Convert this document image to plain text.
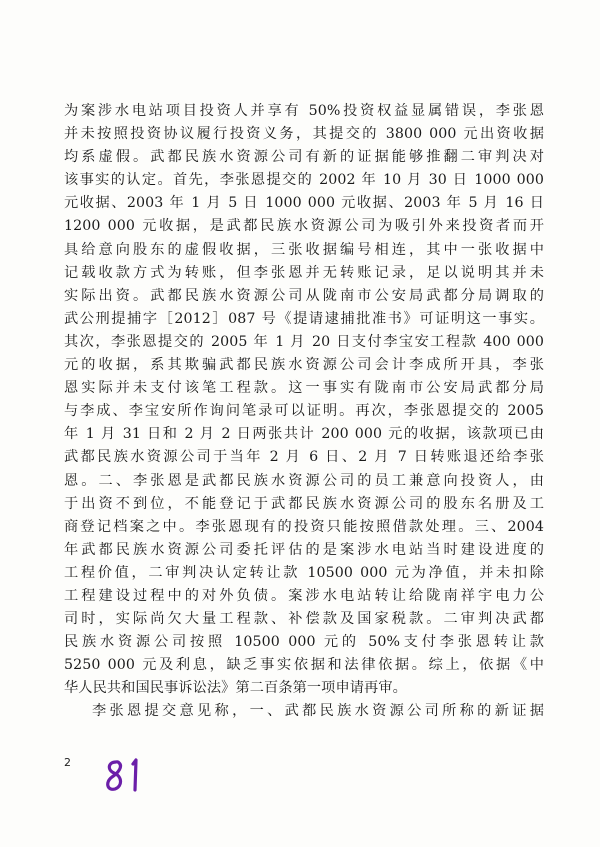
为案涉水电站项目投资人并享有 50%投资权益显属错误，李张恩
并未按照投资协议履行投资义务，其提交的 3800 000 元出资收据
均系虚假。武都民族水资源公司有新的证据能够推翻二审判决对
该事实的认定。首先，李张恩提交的 2002 年 10 月 30 日 1000 000
元收据、2003 年 1 月 5 日 1000 000 元收据、2003 年 5 月 16 日
1200 000 元收据，是武都民族水资源公司为吸引外来投资者而开
具给意向股东的虚假收据，三张收据编号相连，其中一张收据中
记载收款方式为转账，但李张恩并无转账记录，足以说明其并未
实际出资。武都民族水资源公司从陇南市公安局武都分局调取的
武公刑提捕字［2012］087 号《提请逮捕批准书》可证明这一事实。
其次，李张恩提交的 2005 年 1 月 20 日支付李宝安工程款 400 000
元的收据，系其欺骗武都民族水资源公司会计李成所开具，李张
恩实际并未支付该笔工程款。这一事实有陇南市公安局武都分局
与李成、李宝安所作询问笔录可以证明。再次，李张恩提交的 2005
年 1 月 31 日和 2 月 2 日两张共计 200 000 元的收据，该款项已由
武都民族水资源公司于当年 2 月 6 日、2 月 7 日转账退还给李张
恩。二、李张恩是武都民族水资源公司的员工兼意向投资人，由
于出资不到位，不能登记于武都民族水资源公司的股东名册及工
商登记档案之中。李张恩现有的投资只能按照借款处理。三、2004
年武都民族水资源公司委托评估的是案涉水电站当时建设进度的
工程价值，二审判决认定转让款 10500 000 元为净值，并未扣除
工程建设过程中的对外负债。案涉水电站转让给陇南祥宇电力公
司时，实际尚欠大量工程款、补偿款及国家税款。二审判决武都
民族水资源公司按照 10500 000 元的 50%支付李张恩转让款
5250 000 元及利息，缺乏事实依据和法律依据。综上，依据《中
华人民共和国民事诉讼法》第二百条第一项申请再审。
李张恩提交意见称，一、武都民族水资源公司所称的新证据
2
